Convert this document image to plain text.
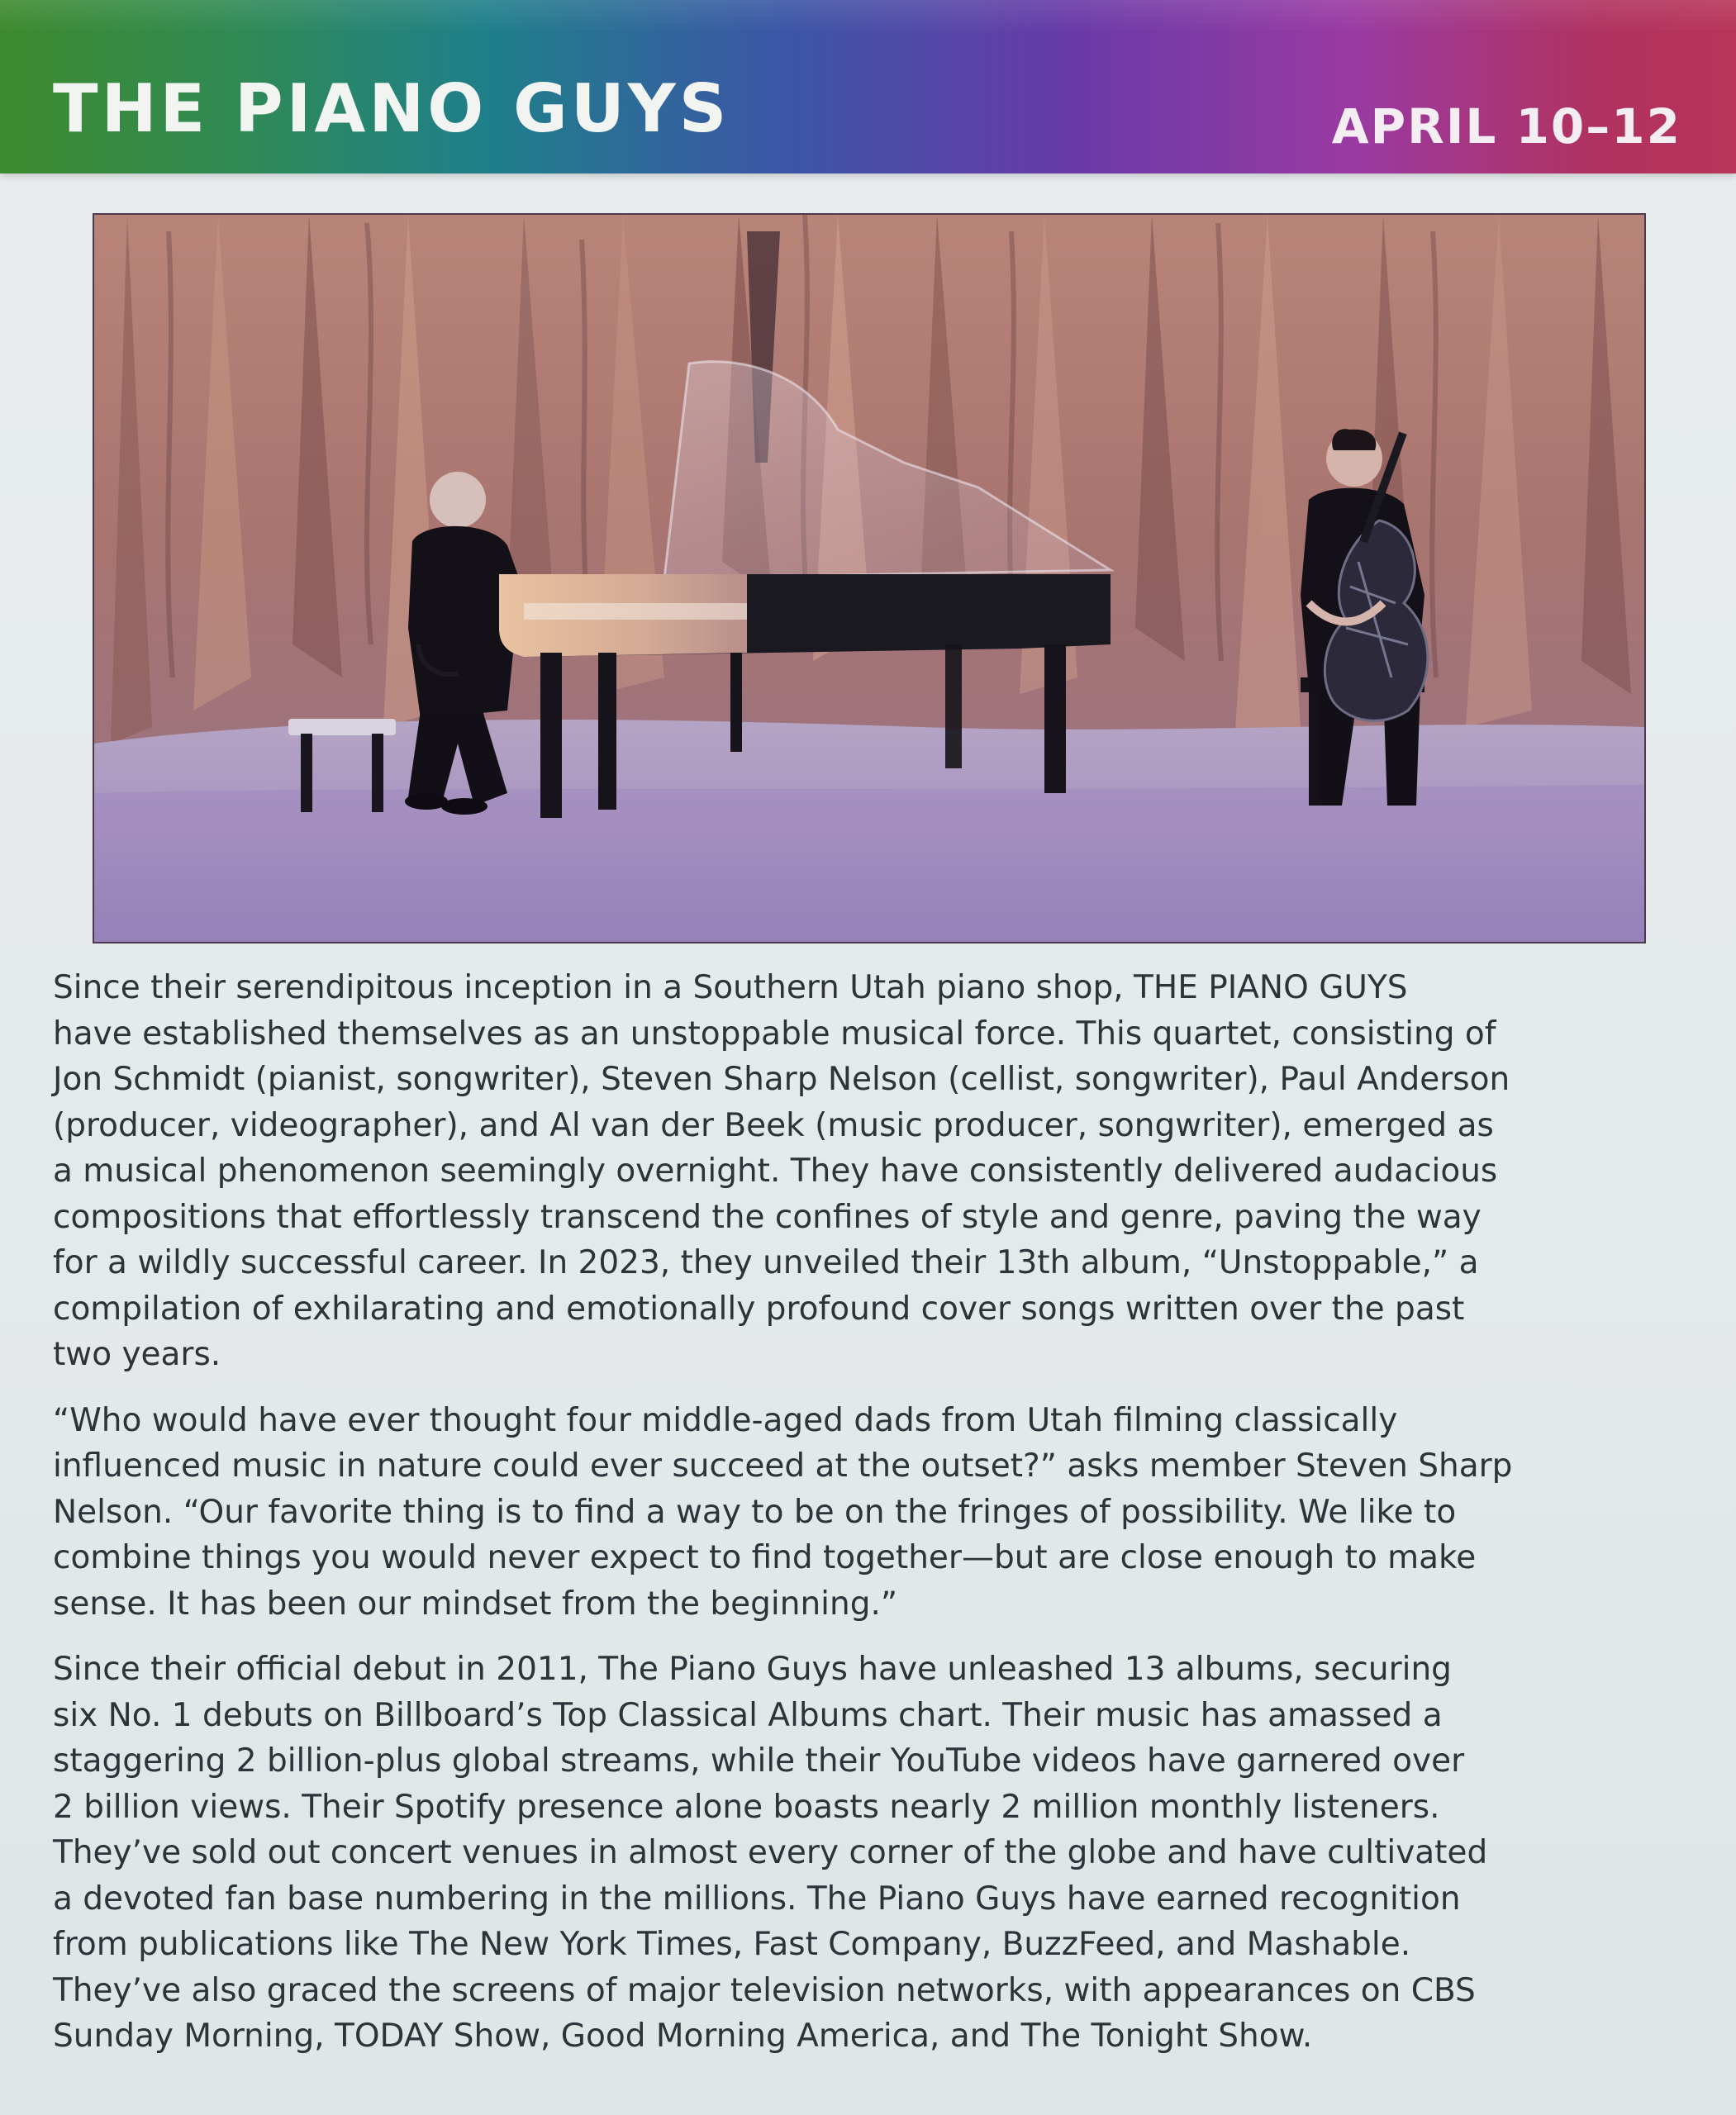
THE PIANO GUYS	APRIL 10–12

Since their serendipitous inception in a Southern Utah piano shop, THE PIANO GUYS
have established themselves as an unstoppable musical force. This quartet, consisting of
Jon Schmidt (pianist, songwriter), Steven Sharp Nelson (cellist, songwriter), Paul Anderson
(producer, videographer), and Al van der Beek (music producer, songwriter), emerged as
a musical phenomenon seemingly overnight. They have consistently delivered audacious
compositions that effortlessly transcend the confines of style and genre, paving the way
for a wildly successful career. In 2023, they unveiled their 13th album, “Unstoppable,” a
compilation of exhilarating and emotionally profound cover songs written over the past
two years.

“Who would have ever thought four middle-aged dads from Utah filming classically
influenced music in nature could ever succeed at the outset?” asks member Steven Sharp
Nelson. “Our favorite thing is to find a way to be on the fringes of possibility. We like to
combine things you would never expect to find together—but are close enough to make
sense. It has been our mindset from the beginning.”

Since their official debut in 2011, The Piano Guys have unleashed 13 albums, securing
six No. 1 debuts on Billboard’s Top Classical Albums chart. Their music has amassed a
staggering 2 billion-plus global streams, while their YouTube videos have garnered over
2 billion views. Their Spotify presence alone boasts nearly 2 million monthly listeners.
They’ve sold out concert venues in almost every corner of the globe and have cultivated
a devoted fan base numbering in the millions. The Piano Guys have earned recognition
from publications like The New York Times, Fast Company, BuzzFeed, and Mashable.
They’ve also graced the screens of major television networks, with appearances on CBS
Sunday Morning, TODAY Show, Good Morning America, and The Tonight Show.
